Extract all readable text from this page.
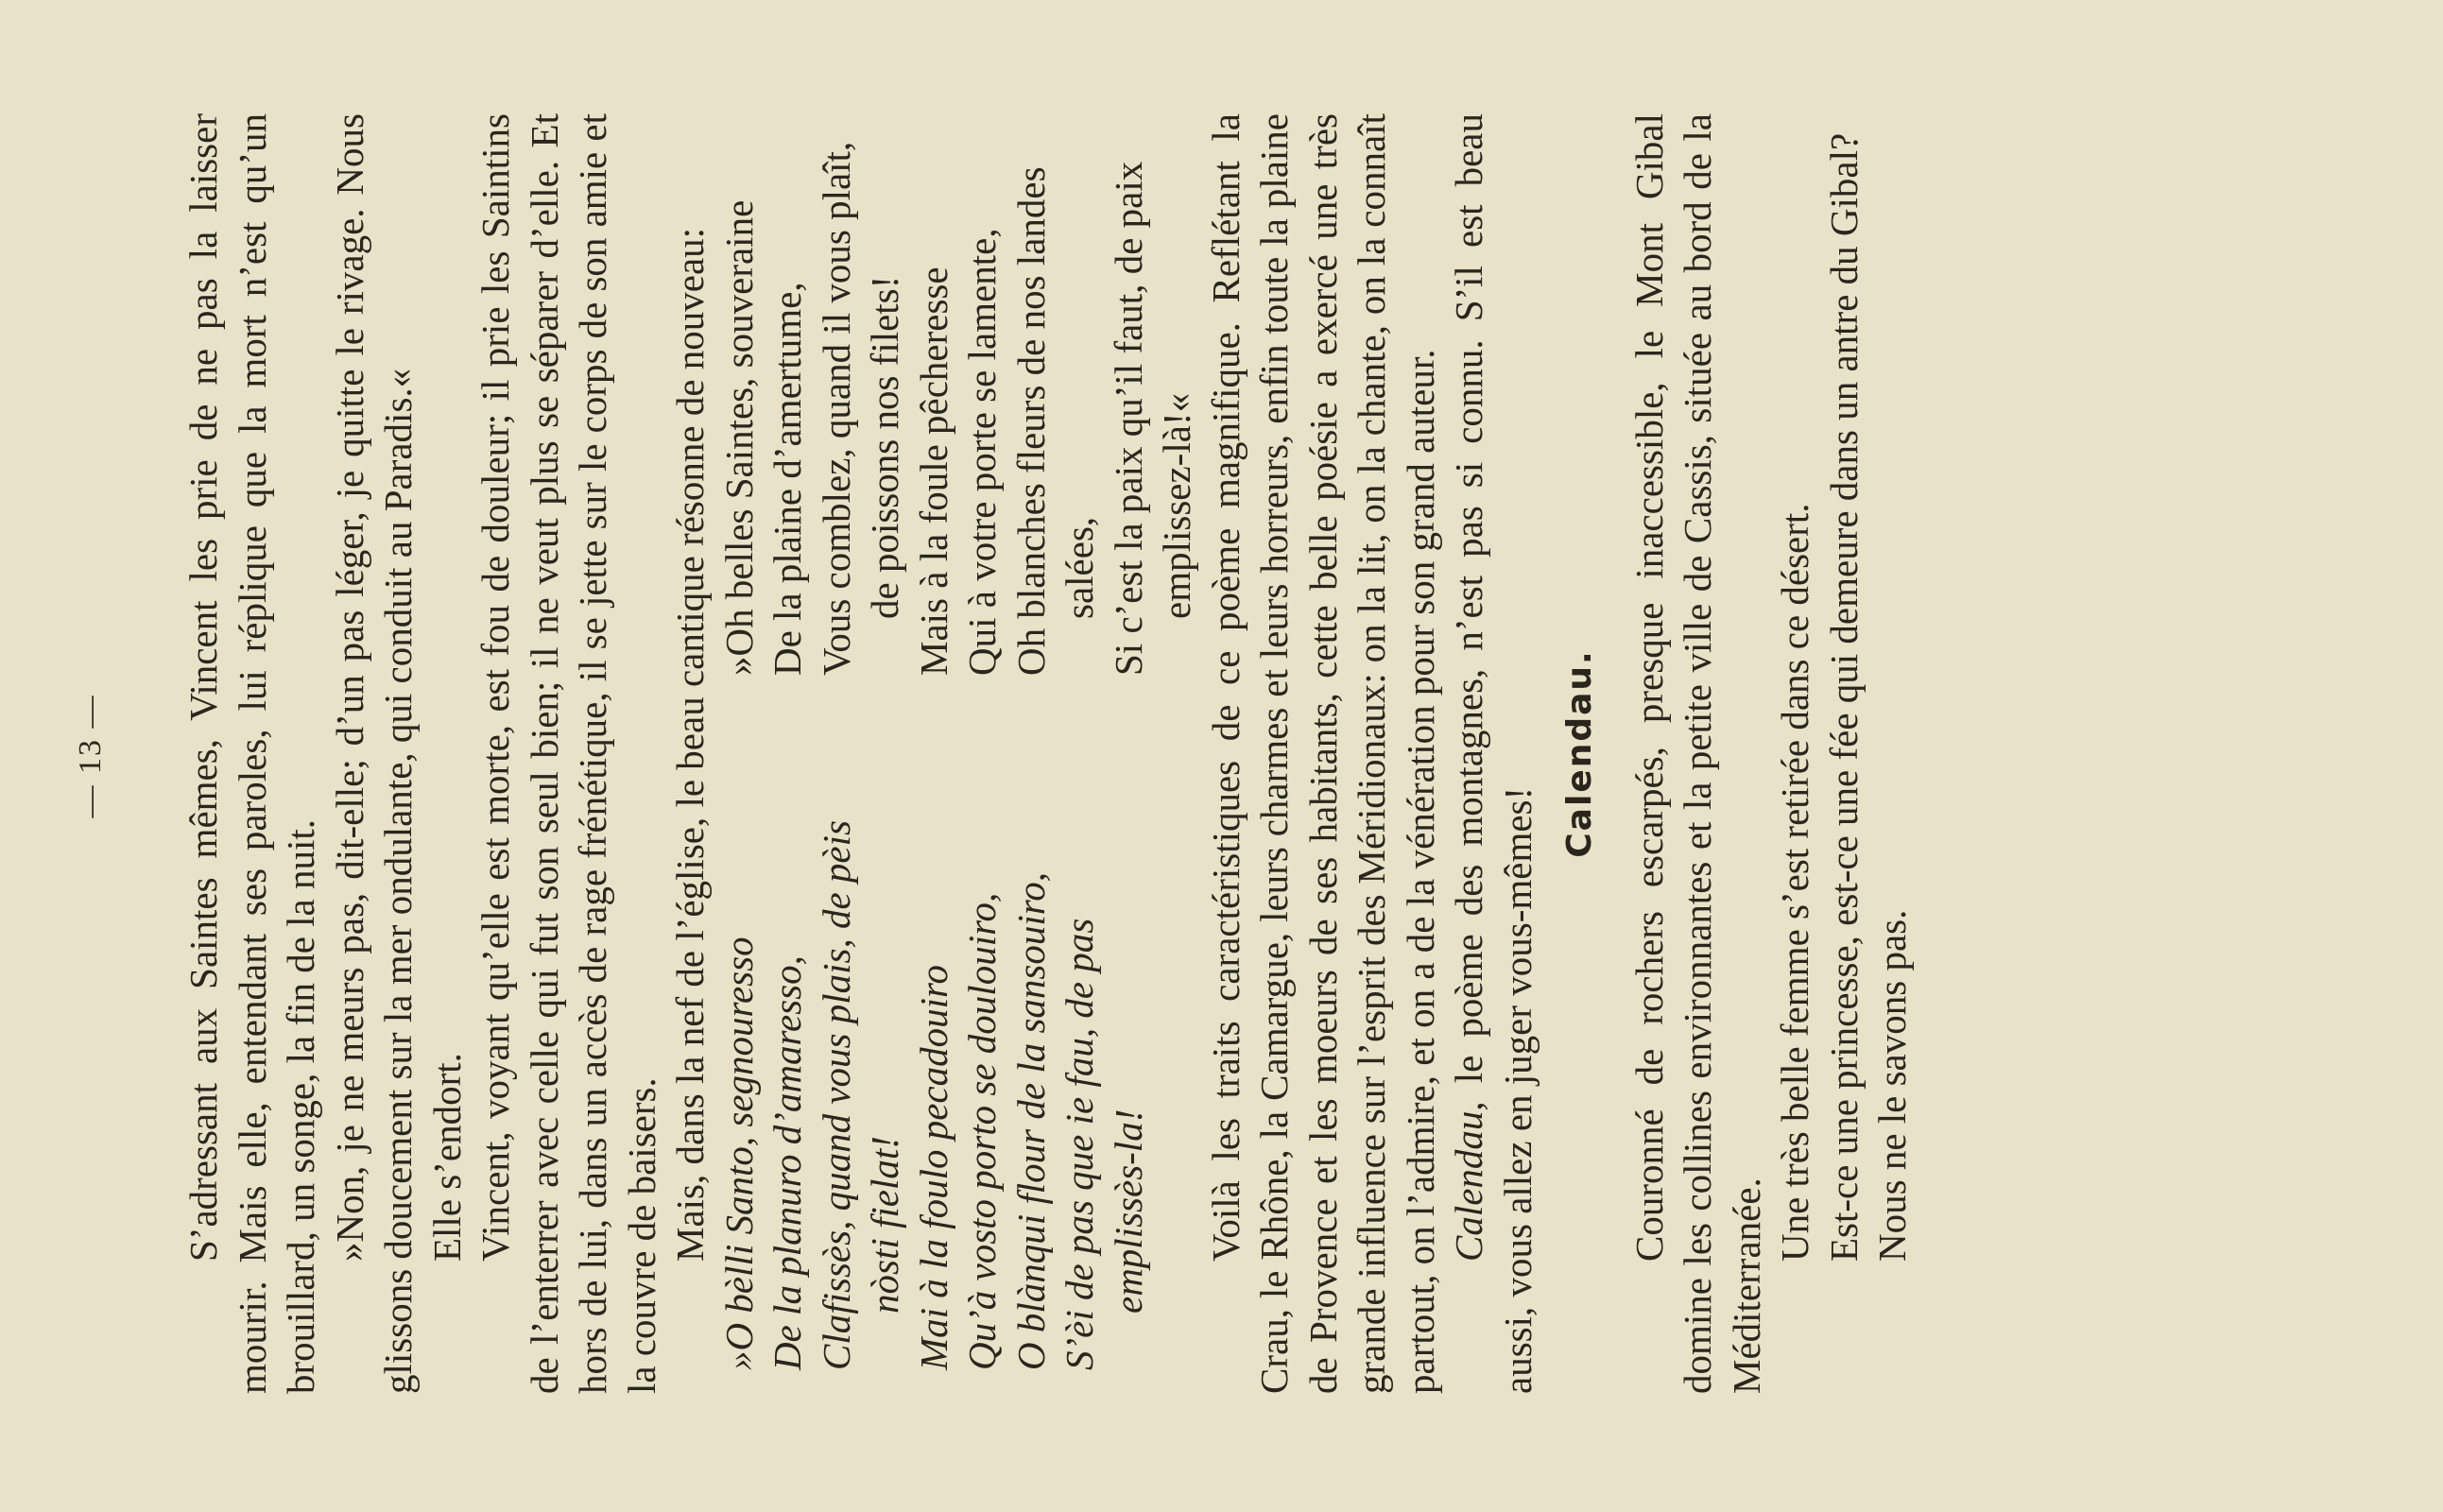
— 13 — S’adressant aux Saintes mêmes, Vincent les prie de ne pas la laisser mourir. Mais elle, entendant ses paroles, lui réplique que la mort n’est qu’un brouillard, un songe, la fin de la nuit. »Non, je ne meurs pas, dit-elle; d’un pas léger, je quitte le rivage. Nous glissons doucement sur la mer ondulante, qui conduit au Paradis.« Elle s’endort. Vincent, voyant qu’elle est morte, est fou de douleur; il prie les Saintins de l’enterrer avec celle qui fut son seul bien; il ne veut plus se séparer d’elle. Et hors de lui, dans un accès de rage frénétique, il se jette sur le corps de son amie et la couvre de baisers. Mais, dans la nef de l’église, le beau cantique résonne de nouveau: »O bèlli Santo, segnouresso De la planuro d’amaresso, Clafissès, quand vous plais, de pèis nòsti fielat! Mai à la foulo pecadouiro Qu’à vosto porto se doulouiro, O blànqui flour de la sansouiro, S’èi de pas que ie fau, de pas emplissès-la!
»Oh belles Saintes, souveraine De la plaine d’amertume, Vous comblez, quand il vous plaît, de poissons nos filets! Mais à la foule pêcheresse Qui à votre porte se lamente, Oh blanches fleurs de nos landes salées, Si c’est la paix qu’il faut, de paix emplissez-là!« Voilà les traits caractéristiques de ce poème magnifique. Reflétant la Crau, le Rhône, la Camargue, leurs charmes et leurs horreurs, enfin toute la plaine de Provence et les moeurs de ses habitants, cette belle poésie a exercé une très grande influence sur l’esprit des Méridionaux: on la lit, on la chante, on la connaît partout, on l’admire, et on a de la vénération pour son grand auteur. Calendau, le poème des montagnes, n’est pas si connu. S’il est beau aussi, vous allez en juger vous-mêmes!

Calendau. Couronné de rochers escarpés, presque inaccessible, le Mont Gibal domine les collines environnantes et la petite ville de Cassis, située au bord de la Méditerranée.

Une très belle femme s’est retirée dans ce désert. Est-ce une princesse, est-ce une fée qui demeure dans un antre du Gibal? Nous ne le savons pas.
